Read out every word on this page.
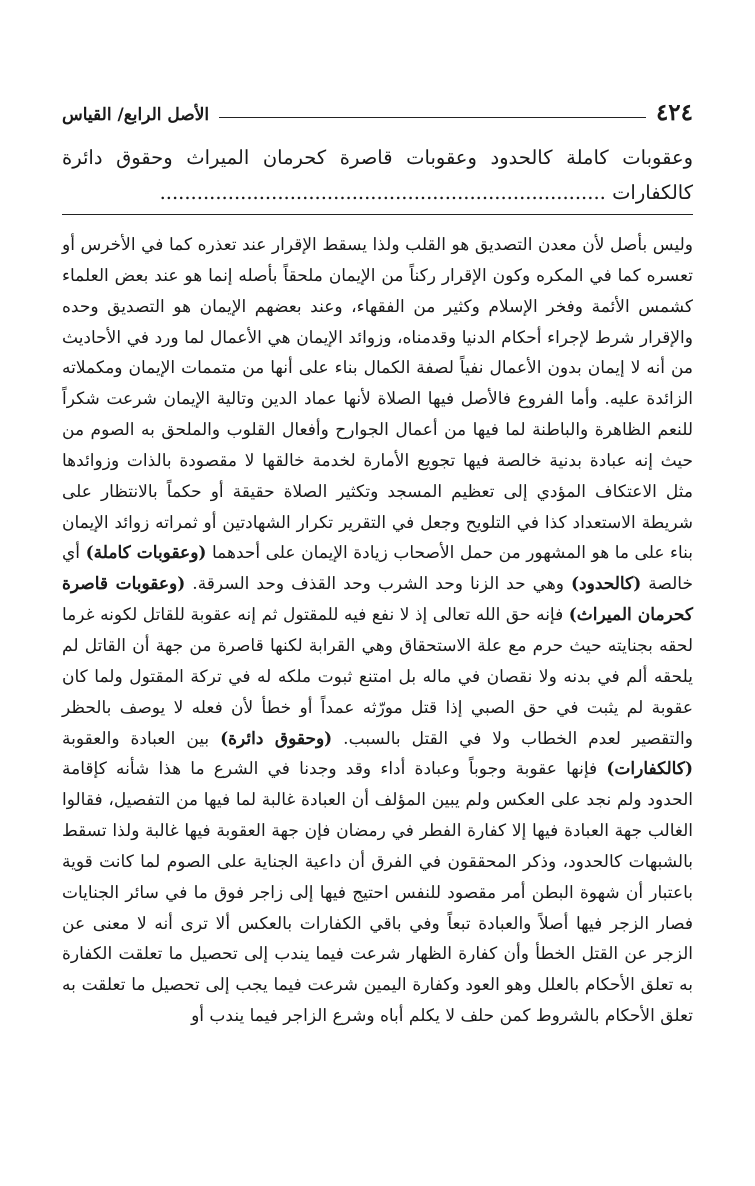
٤٢٤
الأصل الرابع/ القياس
وعقوبات كاملة كالحدود وعقوبات قاصرة كحرمان الميراث وحقوق دائرة كالكفارات ........................................................................
وليس بأصل لأن معدن التصديق هو القلب ولذا يسقط الإقرار عند تعذره كما في الأخرس أو تعسره كما في المكره وكون الإقرار ركناً من الإيمان ملحقاً بأصله إنما هو عند بعض العلماء كشمس الأئمة وفخر الإسلام وكثير من الفقهاء، وعند بعضهم الإيمان هو التصديق وحده والإقرار شرط لإجراء أحكام الدنيا وقدمناه، وزوائد الإيمان هي الأعمال لما ورد في الأحاديث من أنه لا إيمان بدون الأعمال نفياً لصفة الكمال بناء على أنها من متممات الإيمان ومكملاته الزائدة عليه. وأما الفروع فالأصل فيها الصلاة لأنها عماد الدين وتالية الإيمان شرعت شكراً للنعم الظاهرة والباطنة لما فيها من أعمال الجوارح وأفعال القلوب والملحق به الصوم من حيث إنه عبادة بدنية خالصة فيها تجويع الأمارة لخدمة خالقها لا مقصودة بالذات وزوائدها مثل الاعتكاف المؤدي إلى تعظيم المسجد وتكثير الصلاة حقيقة أو حكماً بالانتظار على شريطة الاستعداد كذا في التلويح وجعل في التقرير تكرار الشهادتين أو ثمراته زوائد الإيمان بناء على ما هو المشهور من حمل الأصحاب زيادة الإيمان على أحدهما (وعقوبات كاملة) أي خالصة (كالحدود) وهي حد الزنا وحد الشرب وحد القذف وحد السرقة. (وعقوبات قاصرة كحرمان الميراث) فإنه حق الله تعالى إذ لا نفع فيه للمقتول ثم إنه عقوبة للقاتل لكونه غرما لحقه بجنايته حيث حرم مع علة الاستحقاق وهي القرابة لكنها قاصرة من جهة أن القاتل لم يلحقه ألم في بدنه ولا نقصان في ماله بل امتنع ثبوت ملكه له في تركة المقتول ولما كان عقوبة لم يثبت في حق الصبي إذا قتل مورّثه عمداً أو خطأ لأن فعله لا يوصف بالحظر والتقصير لعدم الخطاب ولا في القتل بالسبب. (وحقوق دائرة) بين العبادة والعقوبة (كالكفارات) فإنها عقوبة وجوباً وعبادة أداء وقد وجدنا في الشرع ما هذا شأنه كإقامة الحدود ولم نجد على العكس ولم يبين المؤلف أن العبادة غالبة لما فيها من التفصيل، فقالوا الغالب جهة العبادة فيها إلا كفارة الفطر في رمضان فإن جهة العقوبة فيها غالبة ولذا تسقط بالشبهات كالحدود، وذكر المحققون في الفرق أن داعية الجناية على الصوم لما كانت قوية باعتبار أن شهوة البطن أمر مقصود للنفس احتيج فيها إلى زاجر فوق ما في سائر الجنايات فصار الزجر فيها أصلاً والعبادة تبعاً وفي باقي الكفارات بالعكس ألا ترى أنه لا معنى عن الزجر عن القتل الخطأ وأن كفارة الظهار شرعت فيما يندب إلى تحصيل ما تعلقت الكفارة به تعلق الأحكام بالعلل وهو العود وكفارة اليمين شرعت فيما يجب إلى تحصيل ما تعلقت به تعلق الأحكام بالشروط كمن حلف لا يكلم أباه وشرع الزاجر فيما يندب أو
